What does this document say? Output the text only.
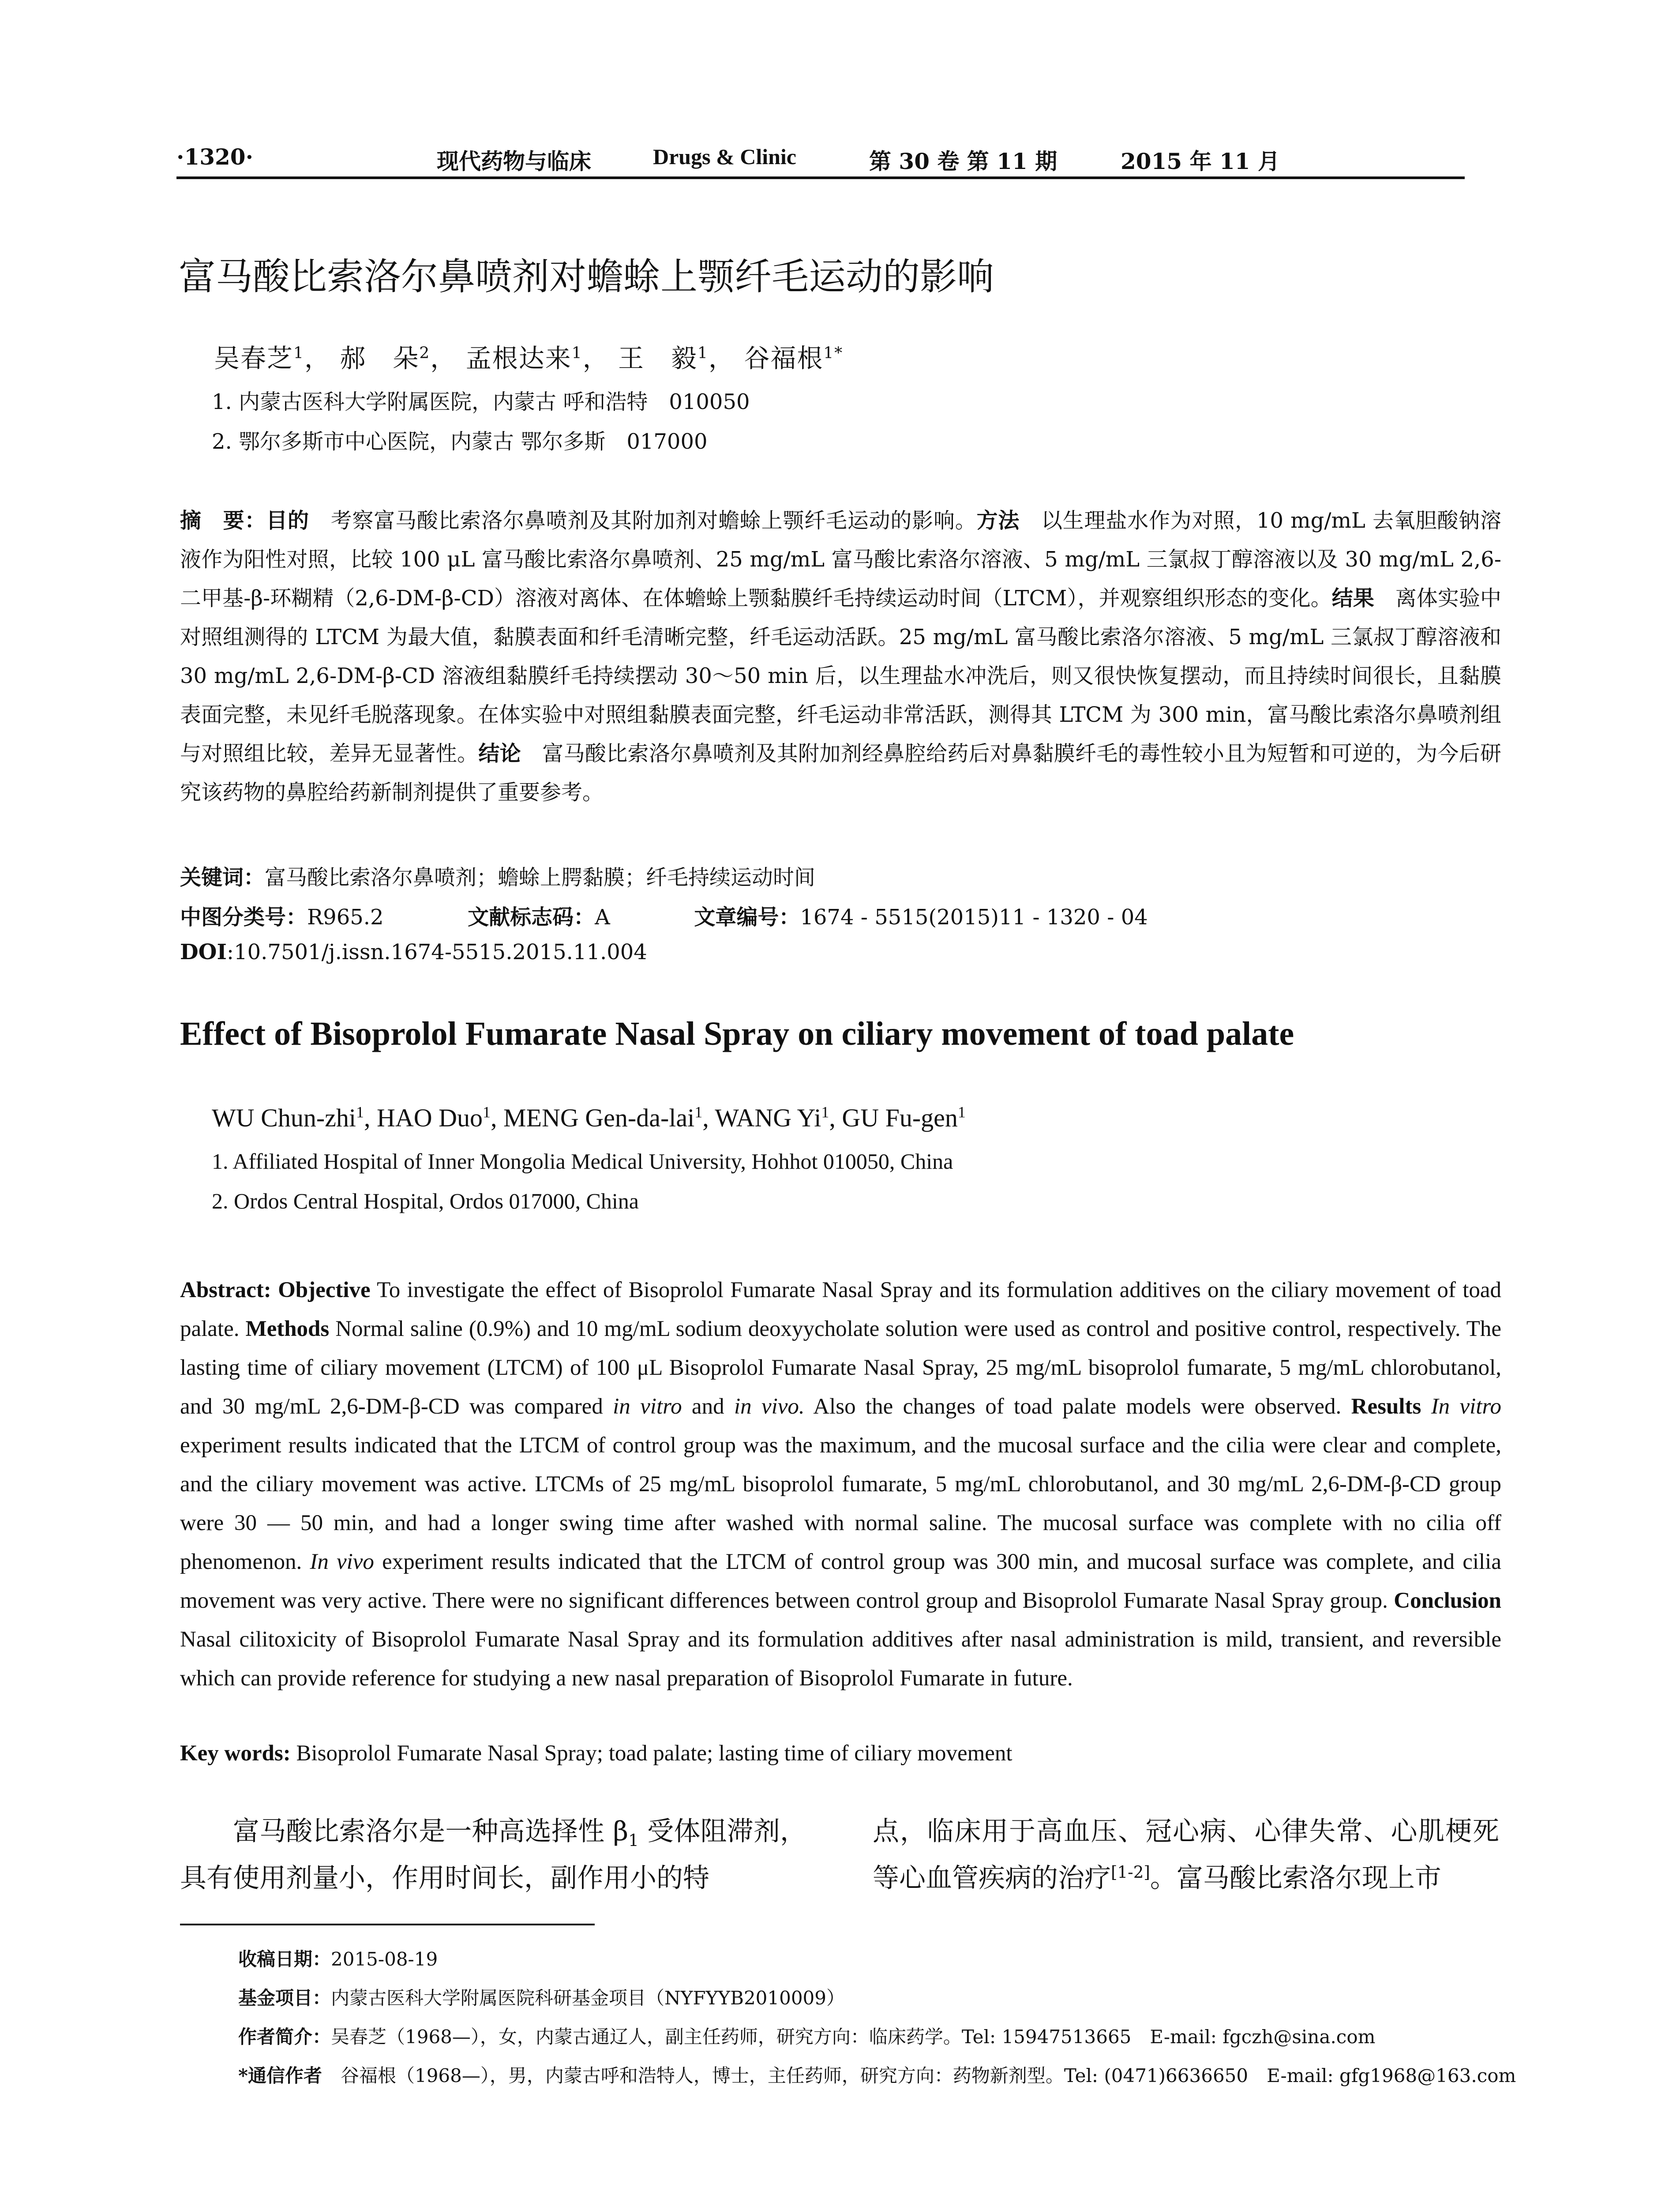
·1320·	现代药物与临床	Drugs & Clinic	第 30 卷 第 11 期	2015 年 11 月
富马酸比索洛尔鼻喷剂对蟾蜍上颚纤毛运动的影响
吴春芝$^1$， 郝　朵$^2$， 孟根达来$^1$， 王　毅$^1$， 谷福根$^{1*}$
1. 内蒙古医科大学附属医院，内蒙古 呼和浩特　010050
2. 鄂尔多斯市中心医院，内蒙古 鄂尔多斯　017000
摘　要：目的　考察富马酸比索洛尔鼻喷剂及其附加剂对蟾蜍上颚纤毛运动的影响。方法　以生理盐水作为对照，10 mg/mL 去氧胆酸钠溶液作为阳性对照，比较 100 μL 富马酸比索洛尔鼻喷剂、25 mg/mL 富马酸比索洛尔溶液、5 mg/mL 三氯叔丁醇溶液以及 30 mg/mL 2,6-二甲基-β-环糊精（2,6-DM-β-CD）溶液对离体、在体蟾蜍上颚黏膜纤毛持续运动时间（LTCM），并观察组织形态的变化。结果　离体实验中对照组测得的 LTCM 为最大值，黏膜表面和纤毛清晰完整，纤毛运动活跃。25 mg/mL 富马酸比索洛尔溶液、5 mg/mL 三氯叔丁醇溶液和 30 mg/mL 2,6-DM-β-CD 溶液组黏膜纤毛持续摆动 30～50 min 后，以生理盐水冲洗后，则又很快恢复摆动，而且持续时间很长，且黏膜表面完整，未见纤毛脱落现象。在体实验中对照组黏膜表面完整，纤毛运动非常活跃，测得其 LTCM 为 300 min，富马酸比索洛尔鼻喷剂组与对照组比较，差异无显著性。结论　富马酸比索洛尔鼻喷剂及其附加剂经鼻腔给药后对鼻黏膜纤毛的毒性较小且为短暂和可逆的，为今后研究该药物的鼻腔给药新制剂提供了重要参考。
关键词：富马酸比索洛尔鼻喷剂；蟾蜍上腭黏膜；纤毛持续运动时间
中图分类号：R965.2	文献标志码：A	文章编号：1674 - 5515(2015)11 - 1320 - 04
DOI:10.7501/j.issn.1674-5515.2015.11.004
Effect of Bisoprolol Fumarate Nasal Spray on ciliary movement of toad palate
WU Chun-zhi$^1$, HAO Duo$^1$, MENG Gen-da-lai$^1$, WANG Yi$^1$, GU Fu-gen$^1$
1. Affiliated Hospital of Inner Mongolia Medical University, Hohhot 010050, China
2. Ordos Central Hospital, Ordos 017000, China
Abstract: Objective To investigate the effect of Bisoprolol Fumarate Nasal Spray and its formulation additives on the ciliary movement of toad palate. Methods Normal saline (0.9%) and 10 mg/mL sodium deoxyycholate solution were used as control and positive control, respectively. The lasting time of ciliary movement (LTCM) of 100 μL Bisoprolol Fumarate Nasal Spray, 25 mg/mL bisoprolol fumarate, 5 mg/mL chlorobutanol, and 30 mg/mL 2,6-DM-β-CD was compared in vitro and in vivo. Also the changes of toad palate models were observed. Results In vitro experiment results indicated that the LTCM of control group was the maximum, and the mucosal surface and the cilia were clear and complete, and the ciliary movement was active. LTCMs of 25 mg/mL bisoprolol fumarate, 5 mg/mL chlorobutanol, and 30 mg/mL 2,6-DM-β-CD group were 30 — 50 min, and had a longer swing time after washed with normal saline. The mucosal surface was complete with no cilia off phenomenon. In vivo experiment results indicated that the LTCM of control group was 300 min, and mucosal surface was complete, and cilia movement was very active. There were no significant differences between control group and Bisoprolol Fumarate Nasal Spray group. Conclusion Nasal cilitoxicity of Bisoprolol Fumarate Nasal Spray and its formulation additives after nasal administration is mild, transient, and reversible which can provide reference for studying a new nasal preparation of Bisoprolol Fumarate in future.
Key words: Bisoprolol Fumarate Nasal Spray; toad palate; lasting time of ciliary movement
富马酸比索洛尔是一种高选择性 $\beta_1$ 受体阻滞剂，具有使用剂量小，作用时间长，副作用小的特
点，临床用于高血压、冠心病、心律失常、心肌梗死等心血管疾病的治疗[1-2]。富马酸比索洛尔现上市
收稿日期：2015-08-19
基金项目：内蒙古医科大学附属医院科研基金项目（NYFYYB2010009）
作者简介：吴春芝（1968—），女，内蒙古通辽人，副主任药师，研究方向：临床药学。Tel: 15947513665　E-mail: fgczh@sina.com
*通信作者　谷福根（1968—），男，内蒙古呼和浩特人，博士，主任药师，研究方向：药物新剂型。Tel: (0471)6636650　E-mail: gfg1968@163.com
